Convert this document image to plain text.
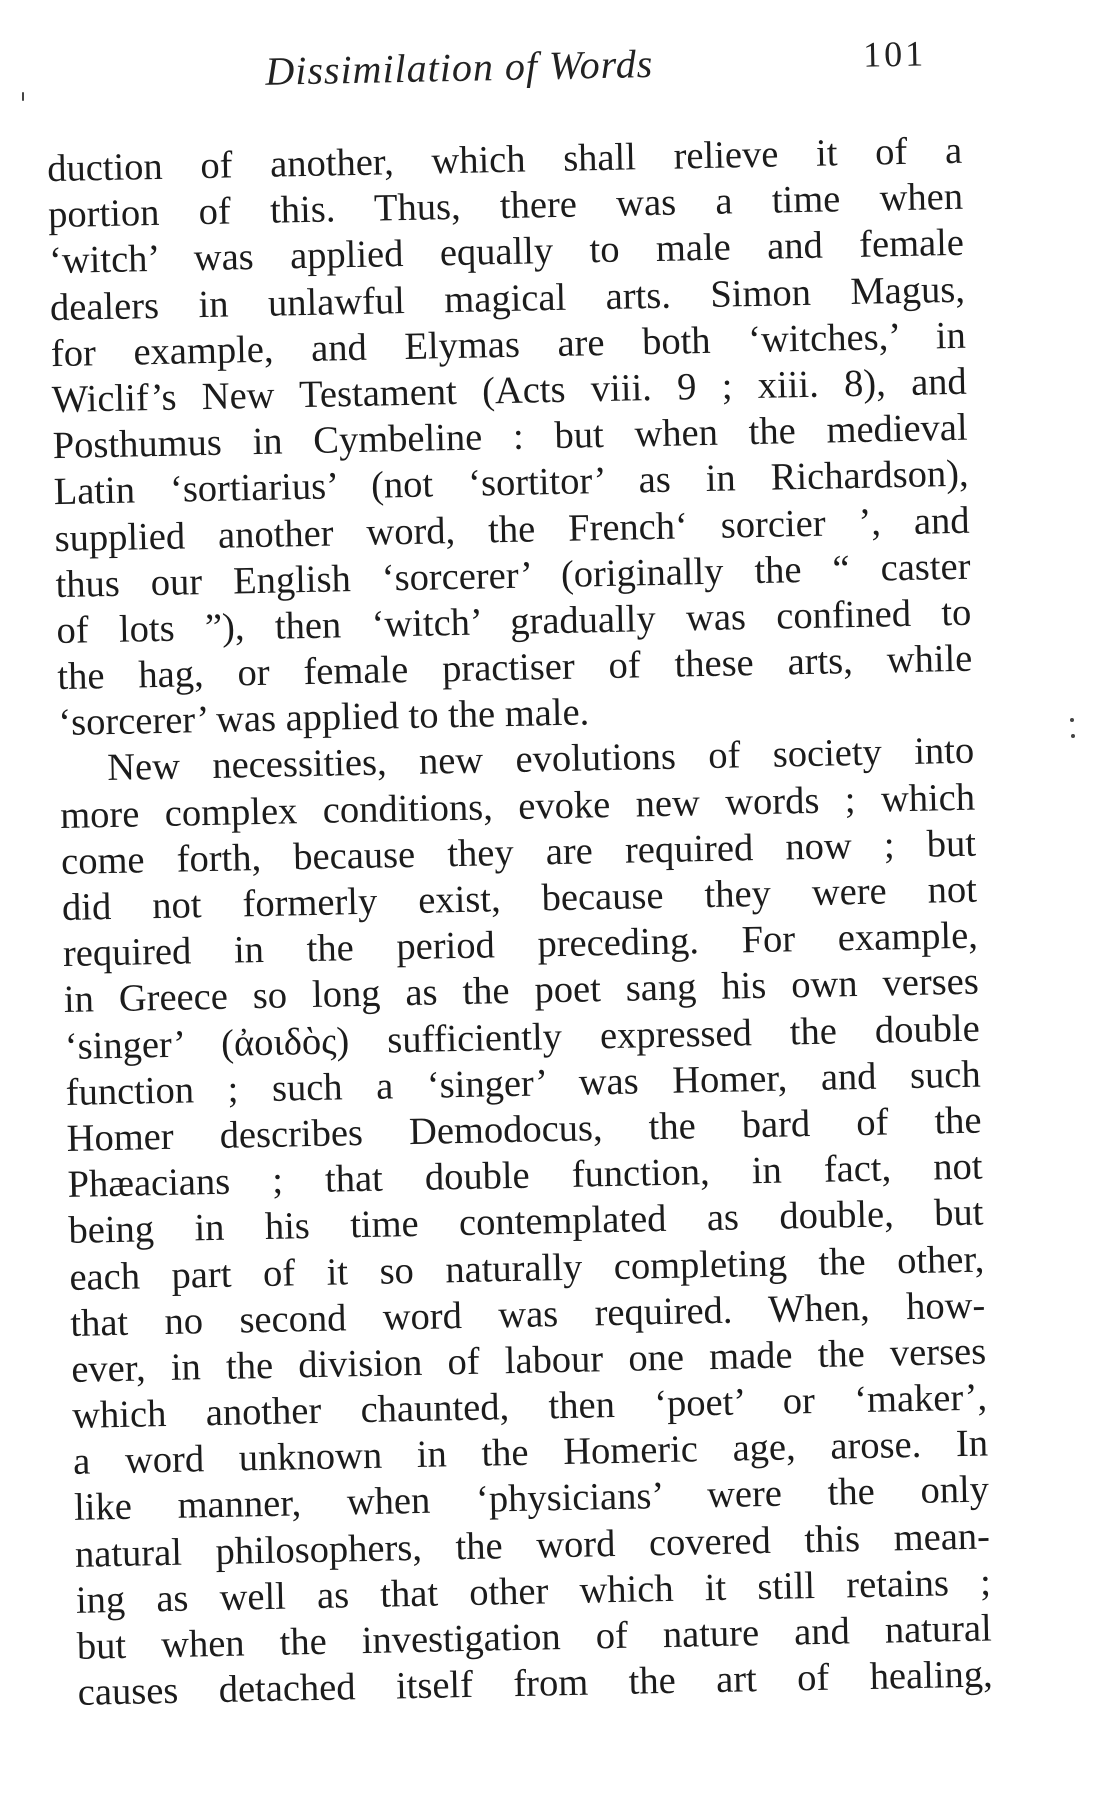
Dissimilation of Words	101
duction of another, which shall relieve it of a
portion of this. Thus, there was a time when
‘witch’ was applied equally to male and female
dealers in unlawful magical arts. Simon Magus,
for example, and Elymas are both ‘witches,’ in
Wiclif’s New Testament (Acts viii. 9 ; xiii. 8), and
Posthumus in Cymbeline : but when the medieval
Latin ‘sortiarius’ (not ‘sortitor’ as in Richardson),
supplied another word, the French‘ sorcier ’, and
thus our English ‘sorcerer’ (originally the “ caster
of lots ”), then ‘witch’ gradually was confined to
the hag, or female practiser of these arts, while
‘sorcerer’ was applied to the male.
New necessities, new evolutions of society into
more complex conditions, evoke new words ; which
come forth, because they are required now ; but
did not formerly exist, because they were not
required in the period preceding. For example,
in Greece so long as the poet sang his own verses
‘singer’ (ἀοιδὸς) sufficiently expressed the double
function ; such a ‘singer’ was Homer, and such
Homer describes Demodocus, the bard of the
Phæacians ; that double function, in fact, not
being in his time contemplated as double, but
each part of it so naturally completing the other,
that no second word was required. When, how-
ever, in the division of labour one made the verses
which another chaunted, then ‘poet’ or ‘maker’,
a word unknown in the Homeric age, arose. In
like manner, when ‘physicians’ were the only
natural philosophers, the word covered this mean-
ing as well as that other which it still retains ;
but when the investigation of nature and natural
causes detached itself from the art of healing,
